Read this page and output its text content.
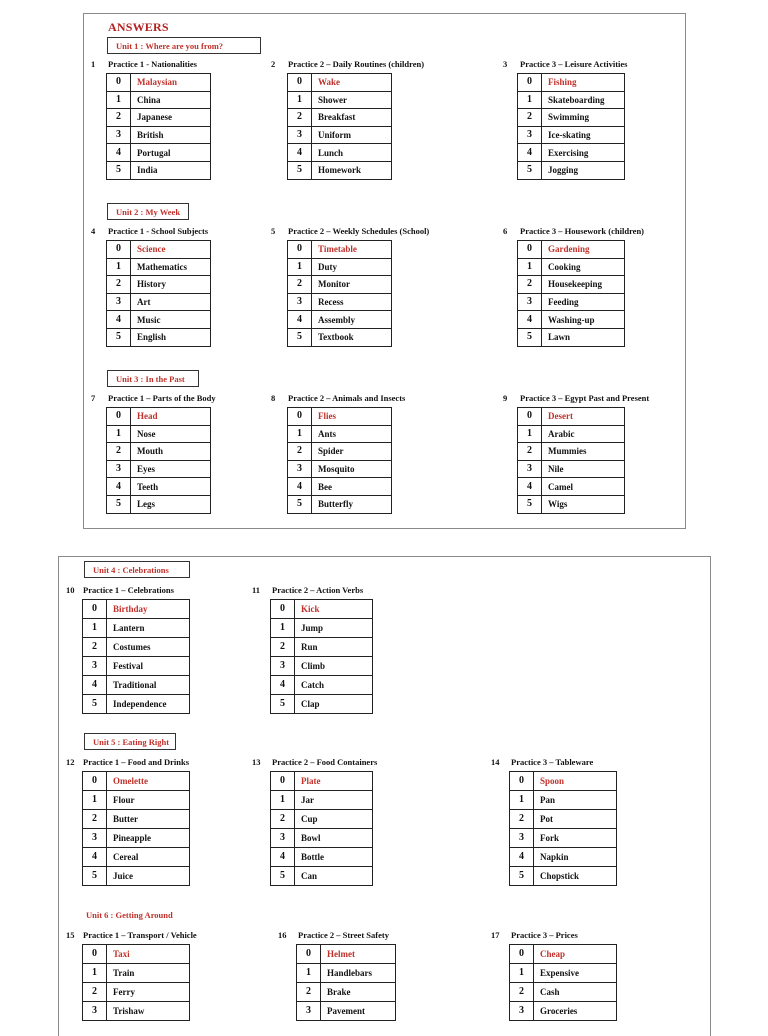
ANSWERS
Unit 1 : Where are you from?
1 Practice 1 - Nationalities
0	Malaysian
1	China
2	Japanese
3	British
4	Portugal
5	India
2 Practice 2 – Daily Routines (children)
0	Wake
1	Shower
2	Breakfast
3	Uniform
4	Lunch
5	Homework
3 Practice 3 – Leisure Activities
0	Fishing
1	Skateboarding
2	Swimming
3	Ice-skating
4	Exercising
5	Jogging
Unit 2 : My Week
4 Practice 1 - School Subjects
0	Science
1	Mathematics
2	History
3	Art
4	Music
5	English
5 Practice 2 – Weekly Schedules (School)
0	Timetable
1	Duty
2	Monitor
3	Recess
4	Assembly
5	Textbook
6 Practice 3 – Housework (children)
0	Gardening
1	Cooking
2	Housekeeping
3	Feeding
4	Washing-up
5	Lawn
Unit 3 : In the Past
7 Practice 1 – Parts of the Body
0	Head
1	Nose
2	Mouth
3	Eyes
4	Teeth
5	Legs
8 Practice 2 – Animals and Insects
0	Flies
1	Ants
2	Spider
3	Mosquito
4	Bee
5	Butterfly
9 Practice 3 – Egypt Past and Present
0	Desert
1	Arabic
2	Mummies
3	Nile
4	Camel
5	Wigs
Unit 4 : Celebrations
10 Practice 1 – Celebrations
0	Birthday
1	Lantern
2	Costumes
3	Festival
4	Traditional
5	Independence
11 Practice 2 – Action Verbs
0	Kick
1	Jump
2	Run
3	Climb
4	Catch
5	Clap
Unit 5 : Eating Right
12 Practice 1 – Food and Drinks
0	Omelette
1	Flour
2	Butter
3	Pineapple
4	Cereal
5	Juice
13 Practice 2 – Food Containers
0	Plate
1	Jar
2	Cup
3	Bowl
4	Bottle
5	Can
14 Practice 3 – Tableware
0	Spoon
1	Pan
2	Pot
3	Fork
4	Napkin
5	Chopstick
Unit 6 : Getting Around
15 Practice 1 – Transport / Vehicle
0	Taxi
1	Train
2	Ferry
3	Trishaw
16 Practice 2 – Street Safety
0	Helmet
1	Handlebars
2	Brake
3	Pavement
17 Practice 3 – Prices
0	Cheap
1	Expensive
2	Cash
3	Groceries
